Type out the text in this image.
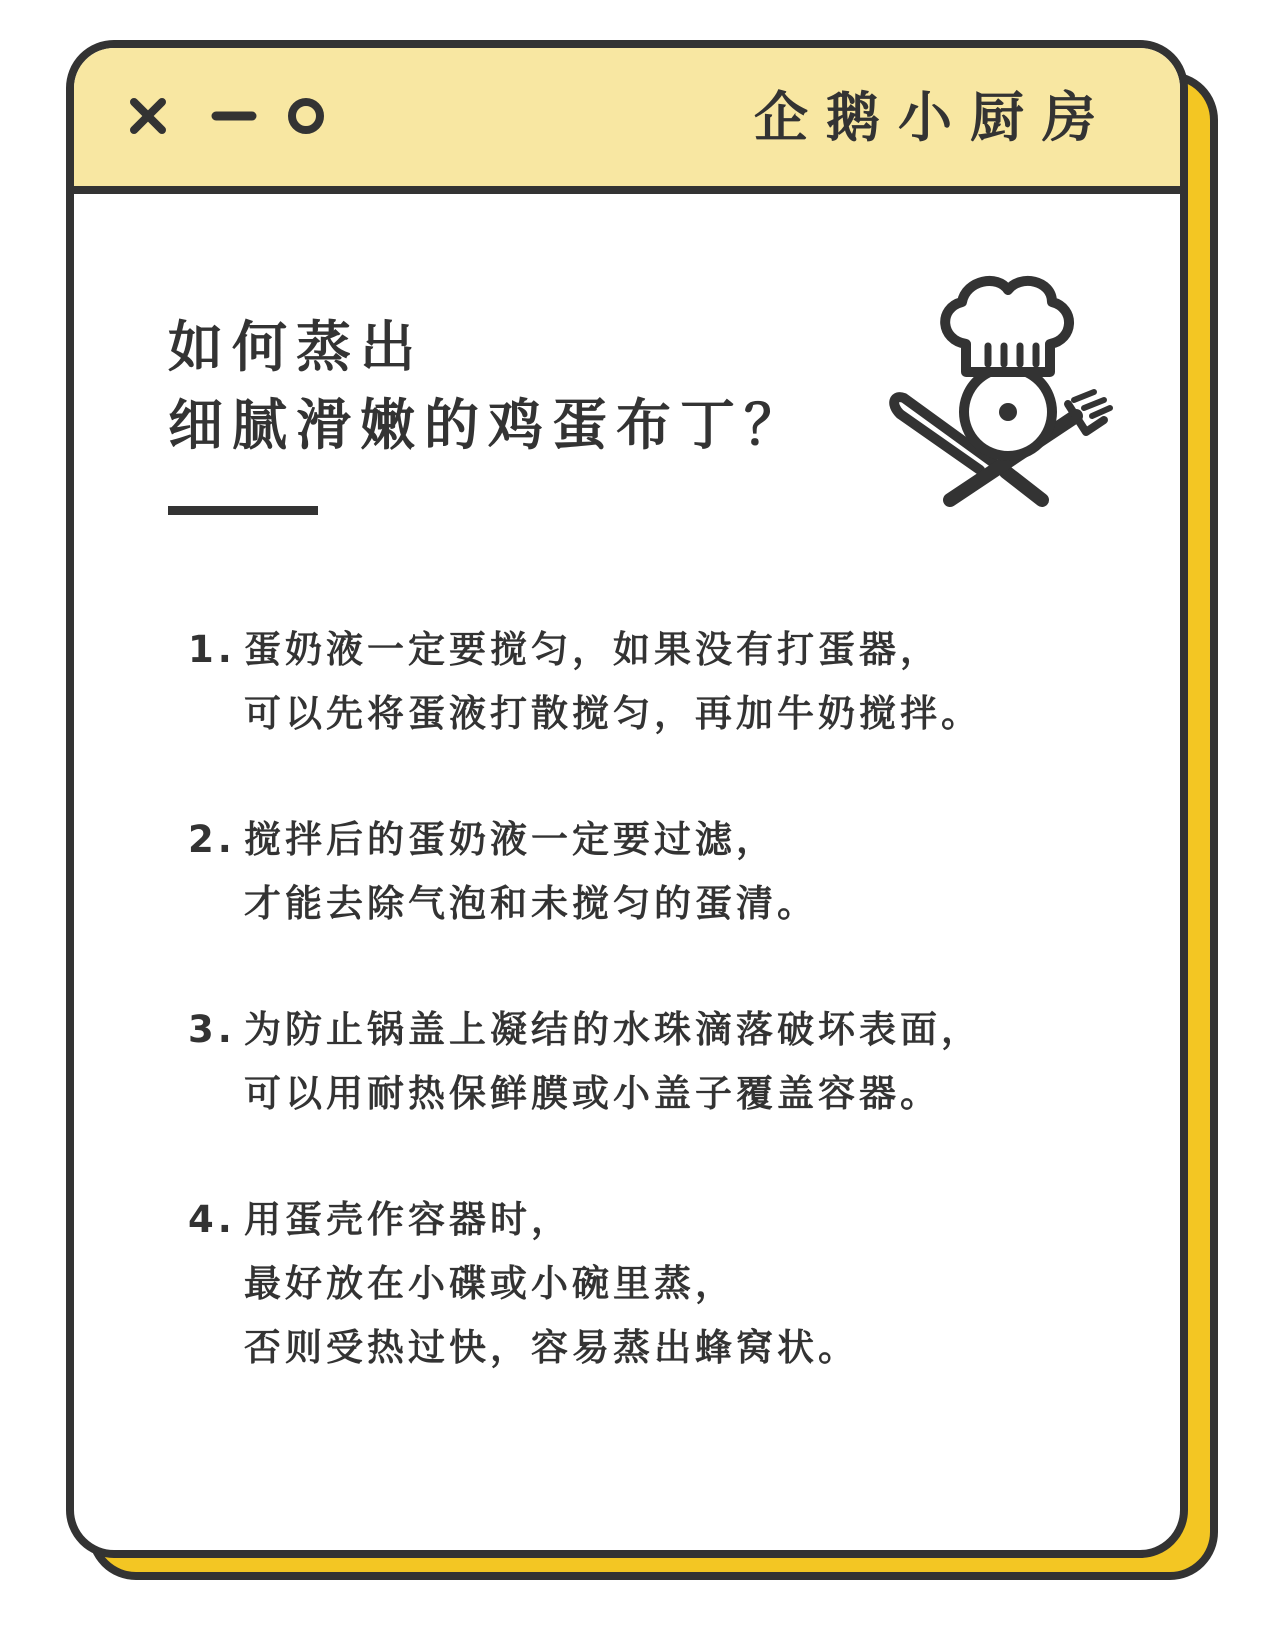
企鹅小厨房
如何蒸出
细腻滑嫩的鸡蛋布丁？
1. 蛋奶液一定要搅匀，如果没有打蛋器，
可以先将蛋液打散搅匀，再加牛奶搅拌。
2. 搅拌后的蛋奶液一定要过滤，
才能去除气泡和未搅匀的蛋清。
3. 为防止锅盖上凝结的水珠滴落破坏表面，
可以用耐热保鲜膜或小盖子覆盖容器。
4. 用蛋壳作容器时，
最好放在小碟或小碗里蒸，
否则受热过快，容易蒸出蜂窝状。
